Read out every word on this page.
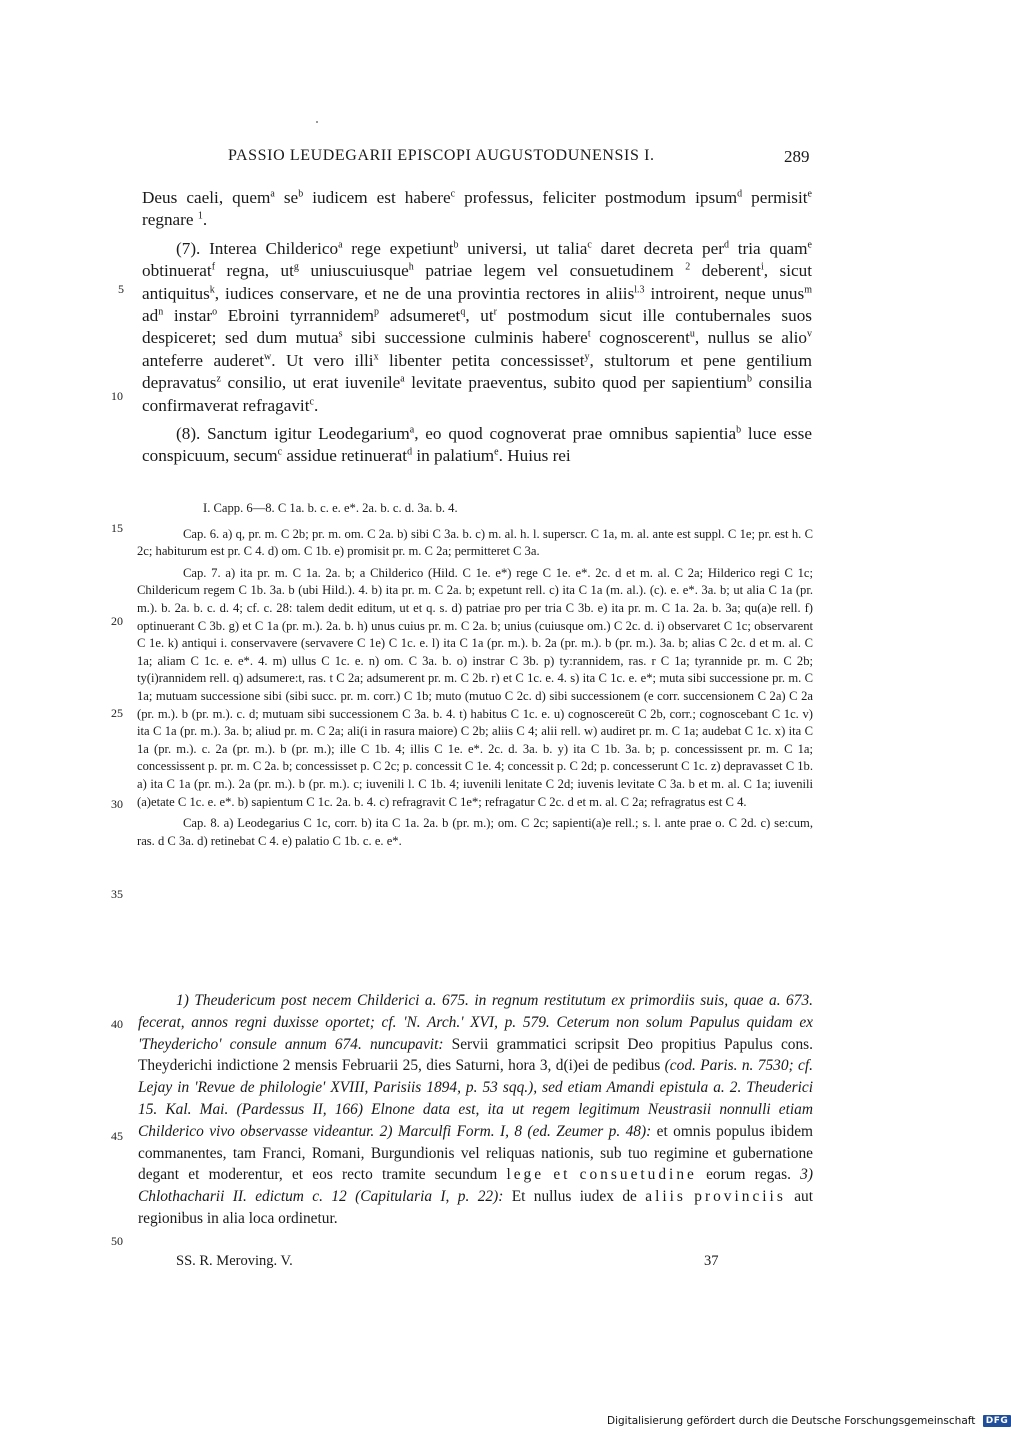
PASSIO LEUDEGARII EPISCOPI AUGUSTODUNENSIS I.	289
5
10
15
20
25
30
35
40
45
50

Deus caeli, quem$^a$ $se^b$ iudicem est habere$^c$ professus, feliciter postmodum ipsum$^d$ permisit$^e$ regnare $^1$.

(7). Interea Childerico$^a$ rege expetiunt$^b$ universi, ut talia$^c$ daret decreta per$^d$ tria quam$^e$ obtinuerat$^f$ regna, $ut^g$ uniuscuiusque$^h$ patriae legem vel consuetudinem $^2$ deberent$^i$, sicut antiquitus$^k$, iudices conservare, et ne de una provintia rectores in aliis$^{l.3}$ introirent, neque unus$^m$ $ad^n$ instar$^o$ Ebroini tyrrannidem$^p$ adsumeret$^q$, $ut^r$ postmodum sicut ille contubernales suos despiceret; sed dum mutua$^s$ sibi successione culminis habere$^t$ cognoscerent$^u$, nullus se alio$^v$ anteferre auderet$^w$. Ut vero illi$^x$ libenter petita concessisset$^y$, stultorum et pene gentilium depravatus$^z$ consilio, ut erat iuvenile$^a$ levitate praeventus, subito quod per sapientium$^b$ consilia confirmaverat refragavit$^c$.

(8). Sanctum igitur Leodegarium$^a$, eo quod cognoverat prae omnibus sapientia$^b$ luce esse conspicuum, secum$^c$ assidue retinuerat$^d$ in palatium$^e$. Huius rei

I. Capp. 6—8. C 1a. b. c. e. e*. 2a. b. c. d. 3a. b. 4.

Cap. 6. a) q, pr. m. C 2b; pr. m. om. C 2a. b) sibi C 3a. b. c) m. al. h. l. superscr. C 1a, m. al. ante est suppl. C 1e; pr. est h. C 2c; habiturum est pr. C 4. d) om. C 1b. e) promisit pr. m. C 2a; permitteret C 3a.

Cap. 7. a) ita pr. m. C 1a. 2a. b; a Childerico (Hild. C 1e. e*) rege C 1e. e*. 2c. d et m. al. C 2a; Hilderico regi C 1c; Childericum regem C 1b. 3a. b (ubi Hild.). 4. b) ita pr. m. C 2a. b; expetunt rell. c) ita C 1a (m. al.). (c). e. e*. 3a. b; ut alia C 1a (pr. m.). b. 2a. b. c. d. 4; cf. c. 28: talem dedit editum, ut et q. s. d) patriae pro per tria C 3b. e) ita pr. m. C 1a. 2a. b. 3a; qu(a)e rell. f) optinuerant C 3b. g) et C 1a (pr. m.). 2a. b. h) unus cuius pr. m. C 2a. b; unius (cuiusque om.) C 2c. d. i) observaret C 1c; observarent C 1e. k) antiqui i. conservavere (servavere C 1e) C 1c. e. l) ita C 1a (pr. m.). b. 2a (pr. m.). b (pr. m.). 3a. b; alias C 2c. d et m. al. C 1a; aliam C 1c. e. e*. 4. m) ullus C 1c. e. n) om. C 3a. b. o) instrar C 3b. p) ty:rannidem, ras. r C 1a; tyrannide pr. m. C 2b; ty(i)rannidem rell. q) adsumere:t, ras. t C 2a; adsumerent pr. m. C 2b. r) et C 1c. e. 4. s) ita C 1c. e. e*; muta sibi successione pr. m. C 1a; mutuam successione sibi (sibi succ. pr. m. corr.) C 1b; muto (mutuo C 2c. d) sibi successionem (e corr. succensionem C 2a) C 2a (pr. m.). b (pr. m.). c. d; mutuam sibi successionem C 3a. b. 4. t) habitus C 1c. e. u) cognoscereūt C 2b, corr.; cognoscebant C 1c. v) ita C 1a (pr. m.). 3a. b; aliud pr. m. C 2a; ali(i in rasura maiore) C 2b; aliis C 4; alii rell. w) audiret pr. m. C 1a; audebat C 1c. x) ita C 1a (pr. m.). c. 2a (pr. m.). b (pr. m.); ille C 1b. 4; illis C 1e. e*. 2c. d. 3a. b. y) ita C 1b. 3a. b; p. concessissent pr. m. C 1a; concessissent p. pr. m. C 2a. b; concessisset p. C 2c; p. concessit C 1e. 4; concessit p. C 2d; p. concesserunt C 1c. z) depravasset C 1b. a) ita C 1a (pr. m.). 2a (pr. m.). b (pr. m.). c; iuvenili l. C 1b. 4; iuvenili lenitate C 2d; iuvenis levitate C 3a. b et m. al. C 1a; iuvenili (a)etate C 1c. e. e*. b) sapientum C 1c. 2a. b. 4. c) refragravit C 1e*; refragatur C 2c. d et m. al. C 2a; refragratus est C 4.

Cap. 8. a) Leodegarius C 1c, corr. b) ita C 1a. 2a. b (pr. m.); om. C 2c; sapienti(a)e rell.; s. l. ante prae o. C 2d. c) se:cum, ras. d C 3a. d) retinebat C 4. e) palatio C 1b. c. e. e*.

1) Theudericum post necem Childerici a. 675. in regnum restitutum ex primordiis suis, quae a. 673. fecerat, annos regni duxisse oportet; cf. 'N. Arch.' XVI, p. 579. Ceterum non solum Papulus quidam ex 'Theydericho' consule annum 674. nuncupavit: Servii grammatici scripsit Deo propitius Papulus cons. Theyderichi indictione 2 mensis Februarii 25, dies Saturni, hora 3, d(i)ei de pedibus (cod. Paris. n. 7530; cf. Lejay in 'Revue de philologie' XVIII, Parisiis 1894, p. 53 sqq.), sed etiam Amandi epistula a. 2. Theuderici 15. Kal. Mai. (Pardessus II, 166) Elnone data est, ita ut regem legitimum Neustrasii nonnulli etiam Childerico vivo observasse videantur. 2) Marculfi Form. I, 8 (ed. Zeumer p. 48): et omnis populus ibidem commanentes, tam Franci, Romani, Burgundionis vel reliquas nationis, sub tuo regimine et gubernatione degant et moderentur, et eos recto tramite secundum lege et consuetudine eorum regas. 3) Chlothacharii II. edictum c. 12 (Capitularia I, p. 22): Et nullus iudex de aliis provinciis aut regionibus in alia loca ordinetur.

SS. R. Meroving. V.	37
Digitalisierung gefördert durch die Deutsche Forschungsgemeinschaft DFG
